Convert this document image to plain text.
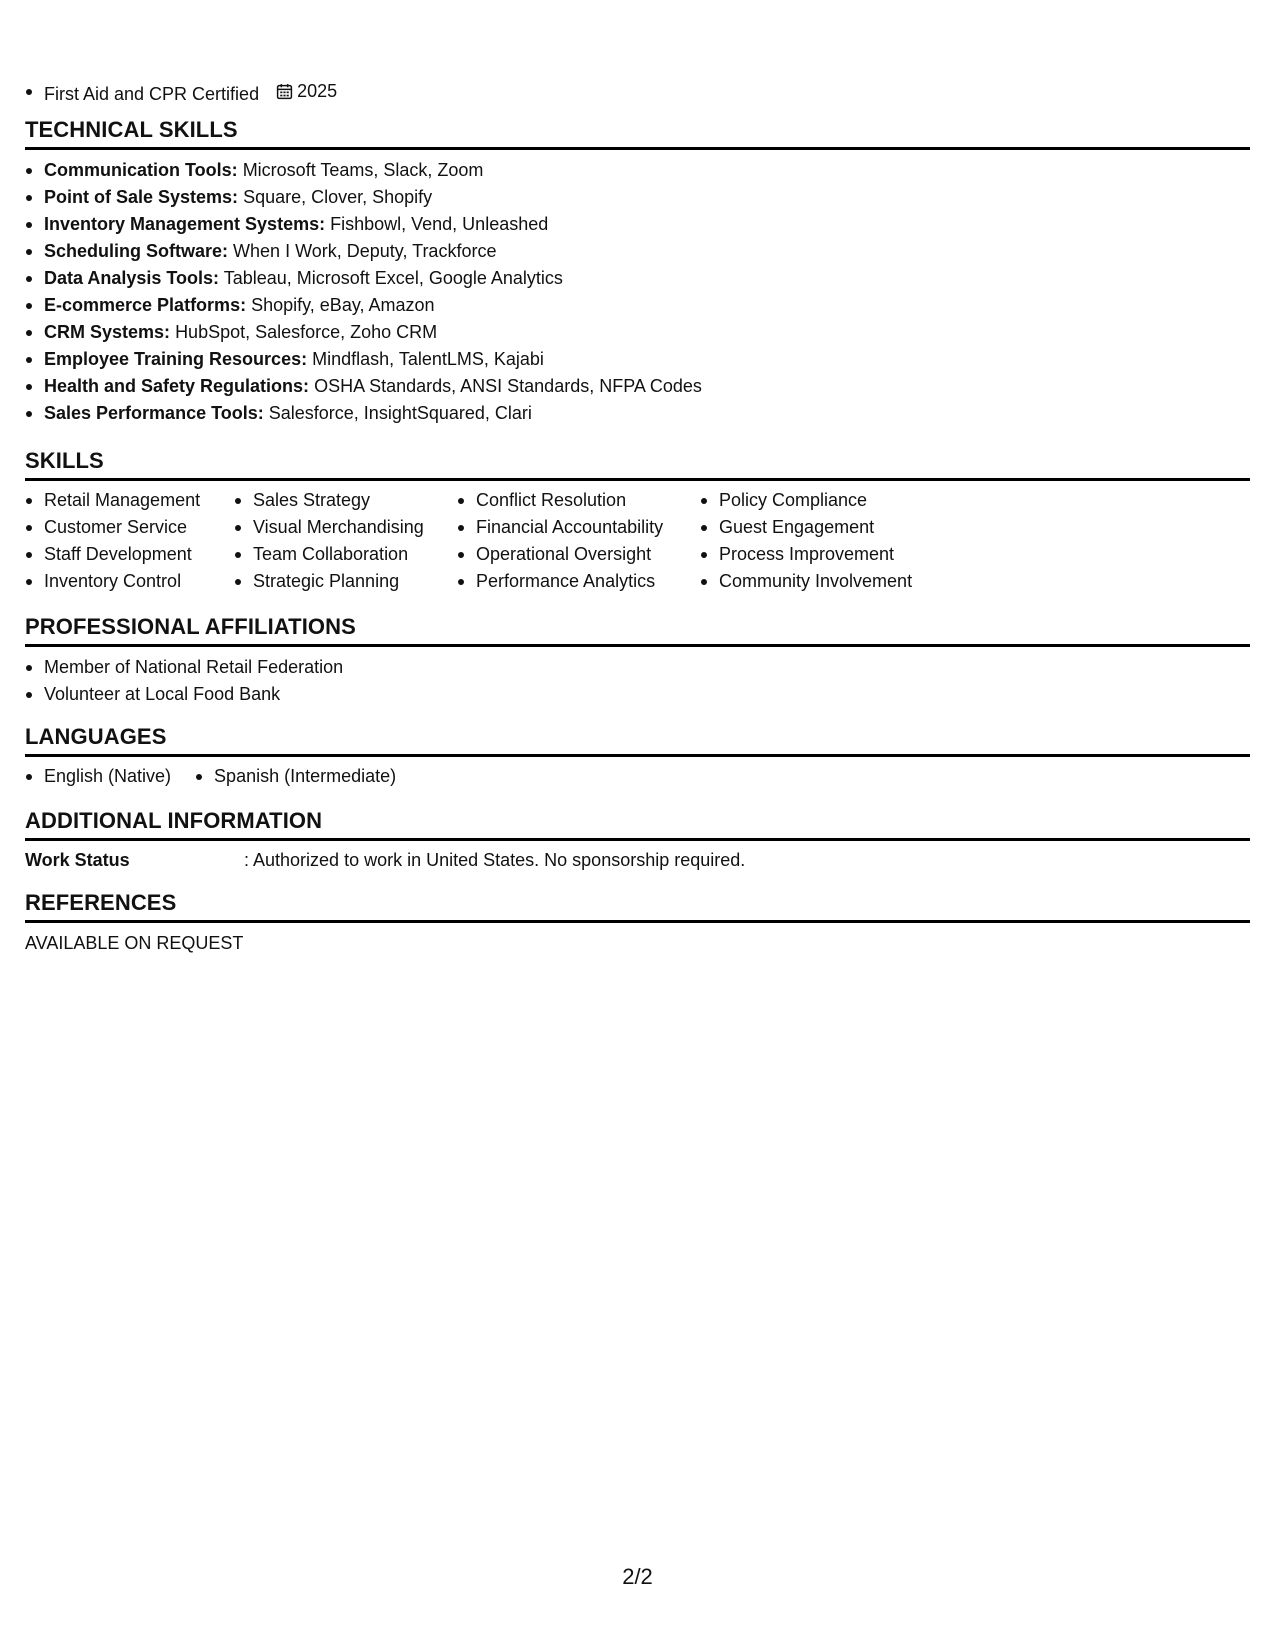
First Aid and CPR Certified 2025
TECHNICAL SKILLS
Communication Tools: Microsoft Teams, Slack, Zoom
Point of Sale Systems: Square, Clover, Shopify
Inventory Management Systems: Fishbowl, Vend, Unleashed
Scheduling Software: When I Work, Deputy, Trackforce
Data Analysis Tools: Tableau, Microsoft Excel, Google Analytics
E-commerce Platforms: Shopify, eBay, Amazon
CRM Systems: HubSpot, Salesforce, Zoho CRM
Employee Training Resources: Mindflash, TalentLMS, Kajabi
Health and Safety Regulations: OSHA Standards, ANSI Standards, NFPA Codes
Sales Performance Tools: Salesforce, InsightSquared, Clari
SKILLS
Retail Management
Customer Service
Staff Development
Inventory Control
Sales Strategy
Visual Merchandising
Team Collaboration
Strategic Planning
Conflict Resolution
Financial Accountability
Operational Oversight
Performance Analytics
Policy Compliance
Guest Engagement
Process Improvement
Community Involvement
PROFESSIONAL AFFILIATIONS
Member of National Retail Federation
Volunteer at Local Food Bank
LANGUAGES
English (Native)	Spanish (Intermediate)
ADDITIONAL INFORMATION
Work Status	: Authorized to work in United States. No sponsorship required.
REFERENCES
AVAILABLE ON REQUEST
2/2
